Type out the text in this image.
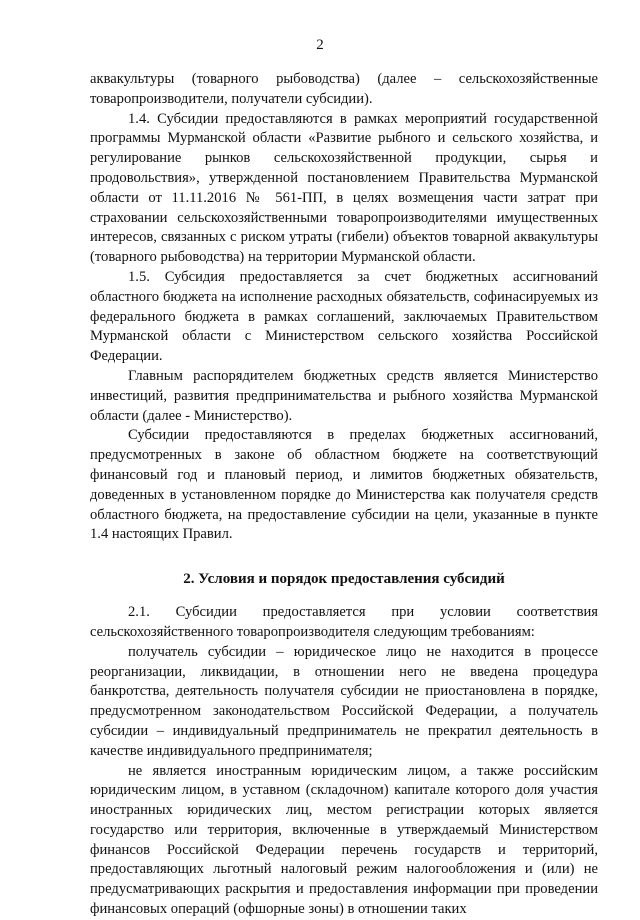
2

аквакультуры (товарного рыбоводства) (далее – сельскохозяйственные товаропроизводители, получатели субсидии).

1.4. Субсидии предоставляются в рамках мероприятий государственной программы Мурманской области «Развитие рыбного и сельского хозяйства, и регулирование рынков сельскохозяйственной продукции, сырья и продовольствия», утвержденной постановлением Правительства Мурманской области от 11.11.2016 № 561-ПП, в целях возмещения части затрат при страховании сельскохозяйственными товаропроизводителями имущественных интересов, связанных с риском утраты (гибели) объектов товарной аквакультуры (товарного рыбоводства) на территории Мурманской области.

1.5. Субсидия предоставляется за счет бюджетных ассигнований областного бюджета на исполнение расходных обязательств, софинасируемых из федерального бюджета в рамках соглашений, заключаемых Правительством Мурманской области с Министерством сельского хозяйства Российской Федерации.

Главным распорядителем бюджетных средств является Министерство инвестиций, развития предпринимательства и рыбного хозяйства Мурманской области (далее - Министерство).

Субсидии предоставляются в пределах бюджетных ассигнований, предусмотренных в законе об областном бюджете на соответствующий финансовый год и плановый период, и лимитов бюджетных обязательств, доведенных в установленном порядке до Министерства как получателя средств областного бюджета, на предоставление субсидии на цели, указанные в пункте 1.4 настоящих Правил.

2. Условия и порядок предоставления субсидий

2.1. Субсидии предоставляется при условии соответствия сельскохозяйственного товаропроизводителя следующим требованиям:

получатель субсидии – юридическое лицо не находится в процессе реорганизации, ликвидации, в отношении него не введена процедура банкротства, деятельность получателя субсидии не приостановлена в порядке, предусмотренном законодательством Российской Федерации, а получатель субсидии – индивидуальный предприниматель не прекратил деятельность в качестве индивидуального предпринимателя;

не является иностранным юридическим лицом, а также российским юридическим лицом, в уставном (складочном) капитале которого доля участия иностранных юридических лиц, местом регистрации которых является государство или территория, включенные в утверждаемый Министерством финансов Российской Федерации перечень государств и территорий, предоставляющих льготный налоговый режим налогообложения и (или) не предусматривающих раскрытия и предоставления информации при проведении финансовых операций (офшорные зоны) в отношении таких
